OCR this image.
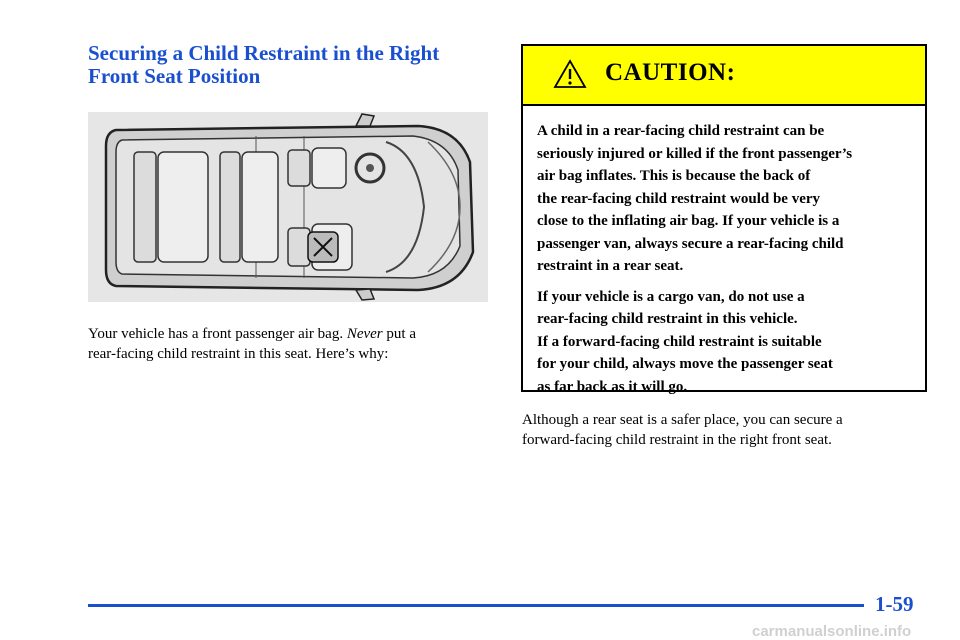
Securing a Child Restraint in the Right
Front Seat Position
Your vehicle has a front passenger air bag. Never put a
rear-facing child restraint in this seat. Here’s why:
CAUTION:

A child in a rear-facing child restraint can be
seriously injured or killed if the front passenger’s
air bag inflates. This is because the back of
the rear-facing child restraint would be very
close to the inflating air bag. If your vehicle is a
passenger van, always secure a rear-facing child
restraint in a rear seat.

If your vehicle is a cargo van, do not use a
rear-facing child restraint in this vehicle.
If a forward-facing child restraint is suitable
for your child, always move the passenger seat
as far back as it will go.

Although a rear seat is a safer place, you can secure a
forward-facing child restraint in the right front seat.
1-59
carmanualsonline.info
